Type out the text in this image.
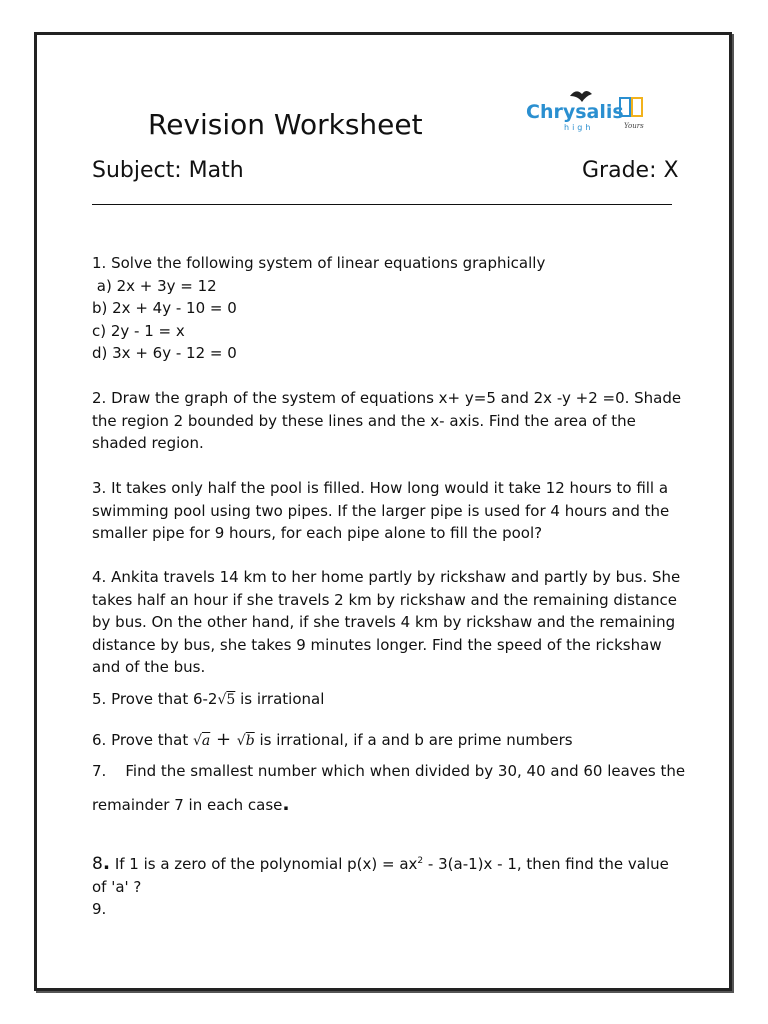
Revision Worksheet	Chrysalis
high	Yours
Subject: Math	Grade: X

1. Solve the following system of linear equations graphically

a) 2x + 3y = 12

b) 2x + 4y - 10 = 0

c) 2y - 1 = x

d) 3x + 6y - 12 = 0

2. Draw the graph of the system of equations x+ y=5 and 2x -y +2 =0. Shade the region 2 bounded by these lines and the x- axis. Find the area of the shaded region.

3. It takes only half the pool is filled. How long would it take 12 hours to fill a swimming pool using two pipes. If the larger pipe is used for 4 hours and the smaller pipe for 9 hours, for each pipe alone to fill the pool?

4. Ankita travels 14 km to her home partly by rickshaw and partly by bus. She takes half an hour if she travels 2 km by rickshaw and the remaining distance by bus. On the other hand, if she travels 4 km by rickshaw and the remaining distance by bus, she takes 9 minutes longer. Find the speed of the rickshaw and of the bus.

5. Prove that 6-2√5 is irrational
6. Prove that √a + √b is irrational, if a and b are prime numbers

7.    Find the smallest number which when divided by 30, 40 and 60 leaves the

remainder 7 in each case.

8. If 1 is a zero of the polynomial $p(x) = ax^2 - 3(a-1)x - 1$, then find the value of 'a' ?

9.
